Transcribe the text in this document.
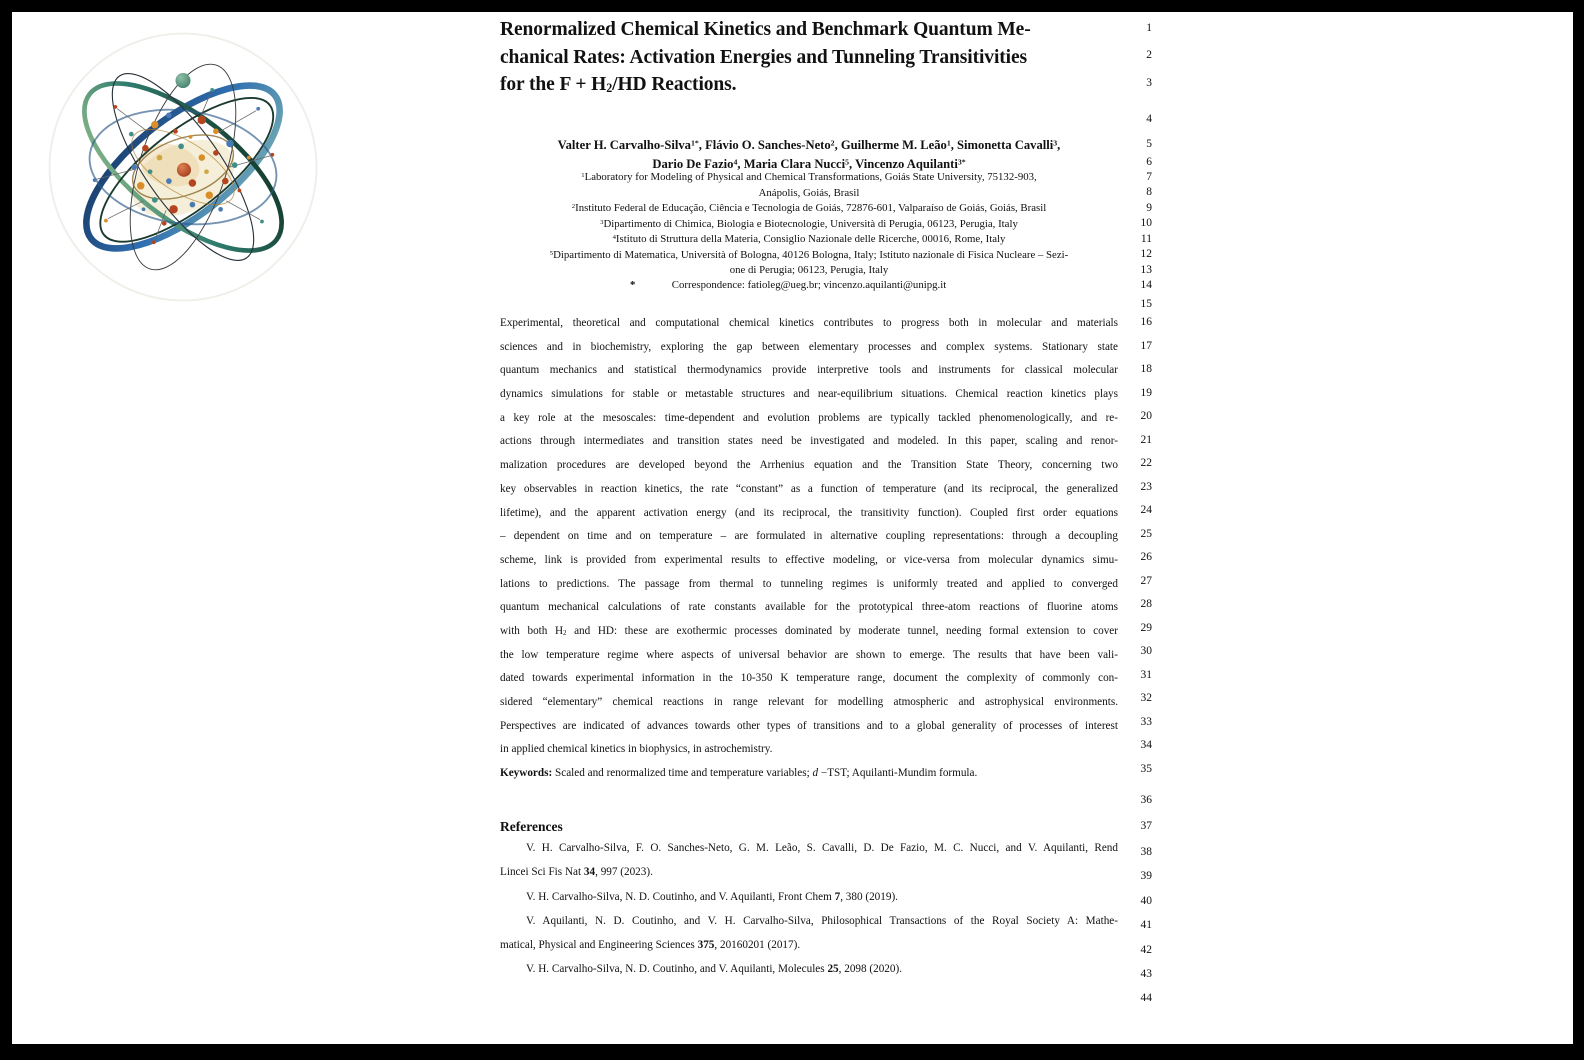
Renormalized Chemical Kinetics and Benchmark Quantum Me-
chanical Rates: Activation Energies and Tunneling Transitivities
for the F + H2/HD Reactions.
Valter H. Carvalho-Silva$^{1*}$, Flávio O. Sanches-Neto$^2$, Guilherme M. Leão$^1$, Simonetta Cavalli$^3$,
Dario De Fazio$^4$, Maria Clara Nucci$^5$, Vincenzo Aquilanti$^{3*}$
$^1$Laboratory for Modeling of Physical and Chemical Transformations, Goiás State University, 75132-903,
Anápolis, Goiás, Brasil
$^2$Instituto Federal de Educação, Ciência e Tecnologia de Goiás, 72876-601, Valparaíso de Goiás, Goiás, Brasil
$^3$Dipartimento di Chimica, Biologia e Biotecnologie, Università di Perugia, 06123, Perugia, Italy
$^4$Istituto di Struttura della Materia, Consiglio Nazionale delle Ricerche, 00016, Rome, Italy
$^5$Dipartimento di Matematica, Università of Bologna, 40126 Bologna, Italy; Istituto nazionale di Fisica Nucleare – Sezi-
one di Perugia; 06123, Perugia, Italy
*	Correspondence: fatioleg@ueg.br; vincenzo.aquilanti@unipg.it
Experimental, theoretical and computational chemical kinetics contributes to progress both in molecular and materials
sciences and in biochemistry, exploring the gap between elementary processes and complex systems. Stationary state
quantum mechanics and statistical thermodynamics provide interpretive tools and instruments for classical molecular
dynamics simulations for stable or metastable structures and near-equilibrium situations. Chemical reaction kinetics plays
a key role at the mesoscales: time-dependent and evolution problems are typically tackled phenomenologically, and re-
actions through intermediates and transition states need be investigated and modeled. In this paper, scaling and renor-
malization procedures are developed beyond the Arrhenius equation and the Transition State Theory, concerning two
key observables in reaction kinetics, the rate “constant” as a function of temperature (and its reciprocal, the generalized
lifetime), and the apparent activation energy (and its reciprocal, the transitivity function). Coupled first order equations
– dependent on time and on temperature – are formulated in alternative coupling representations: through a decoupling
scheme, link is provided from experimental results to effective modeling, or vice-versa from molecular dynamics simu-
lations to predictions. The passage from thermal to tunneling regimes is uniformly treated and applied to converged
quantum mechanical calculations of rate constants available for the prototypical three-atom reactions of fluorine atoms
with both H2 and HD: these are exothermic processes dominated by moderate tunnel, needing formal extension to cover
the low temperature regime where aspects of universal behavior are shown to emerge. The results that have been vali-
dated towards experimental information in the 10-350 K temperature range, document the complexity of commonly con-
sidered “elementary” chemical reactions in range relevant for modelling atmospheric and astrophysical environments.
Perspectives are indicated of advances towards other types of transitions and to a global generality of processes of interest
in applied chemical kinetics in biophysics, in astrochemistry.
Keywords: Scaled and renormalized time and temperature variables; d −TST; Aquilanti-Mundim formula.
References
V. H. Carvalho-Silva, F. O. Sanches-Neto, G. M. Leão, S. Cavalli, D. De Fazio, M. C. Nucci, and V. Aquilanti, Rend
Lincei Sci Fis Nat 34, 997 (2023).
V. H. Carvalho-Silva, N. D. Coutinho, and V. Aquilanti, Front Chem 7, 380 (2019).
V. Aquilanti, N. D. Coutinho, and V. H. Carvalho-Silva, Philosophical Transactions of the Royal Society A: Mathe-
matical, Physical and Engineering Sciences 375, 20160201 (2017).
V. H. Carvalho-Silva, N. D. Coutinho, and V. Aquilanti, Molecules 25, 2098 (2020).
1
2
3
4
5
6
7
8
9
10
11
12
13
14
15
16
17
18
19
20
21
22
23
24
25
26
27
28
29
30
31
32
33
34
35
36
37
38
39
40
41
42
43
44
